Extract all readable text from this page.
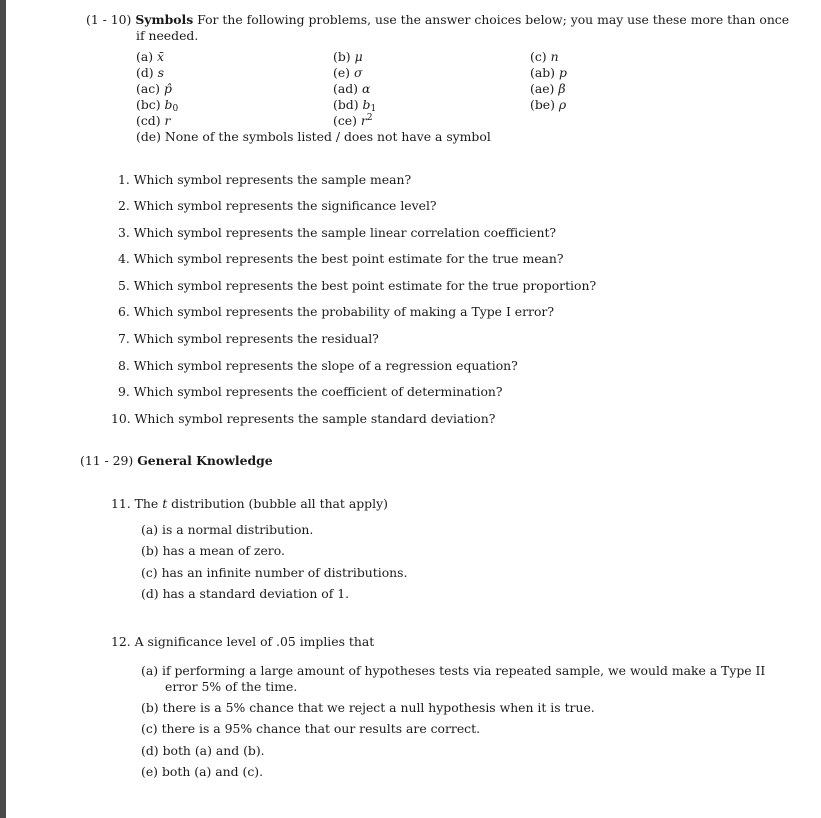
(1 - 10) Symbols For the following problems, use the answer choices below; you may use these more than once
if needed.
(a) x̄	(b) μ	(c) n
(d) s	(e) σ	(ab) p
(ac) p̂	(ad) α	(ae) β
(bc) $b_0$	(bd) $b_1$	(be) ρ
(cd) r	(ce) $r^2$
(de) None of the symbols listed / does not have a symbol
1. Which symbol represents the sample mean?
2. Which symbol represents the significance level?
3. Which symbol represents the sample linear correlation coefficient?
4. Which symbol represents the best point estimate for the true mean?
5. Which symbol represents the best point estimate for the true proportion?
6. Which symbol represents the probability of making a Type I error?
7. Which symbol represents the residual?
8. Which symbol represents the slope of a regression equation?
9. Which symbol represents the coefficient of determination?
10. Which symbol represents the sample standard deviation?
(11 - 29) General Knowledge
11. The t distribution (bubble all that apply)
(a) is a normal distribution.
(b) has a mean of zero.
(c) has an infinite number of distributions.
(d) has a standard deviation of 1.
12. A significance level of .05 implies that
(a) if performing a large amount of hypotheses tests via repeated sample, we would make a Type II
error 5% of the time.
(b) there is a 5% chance that we reject a null hypothesis when it is true.
(c) there is a 95% chance that our results are correct.
(d) both (a) and (b).
(e) both (a) and (c).
